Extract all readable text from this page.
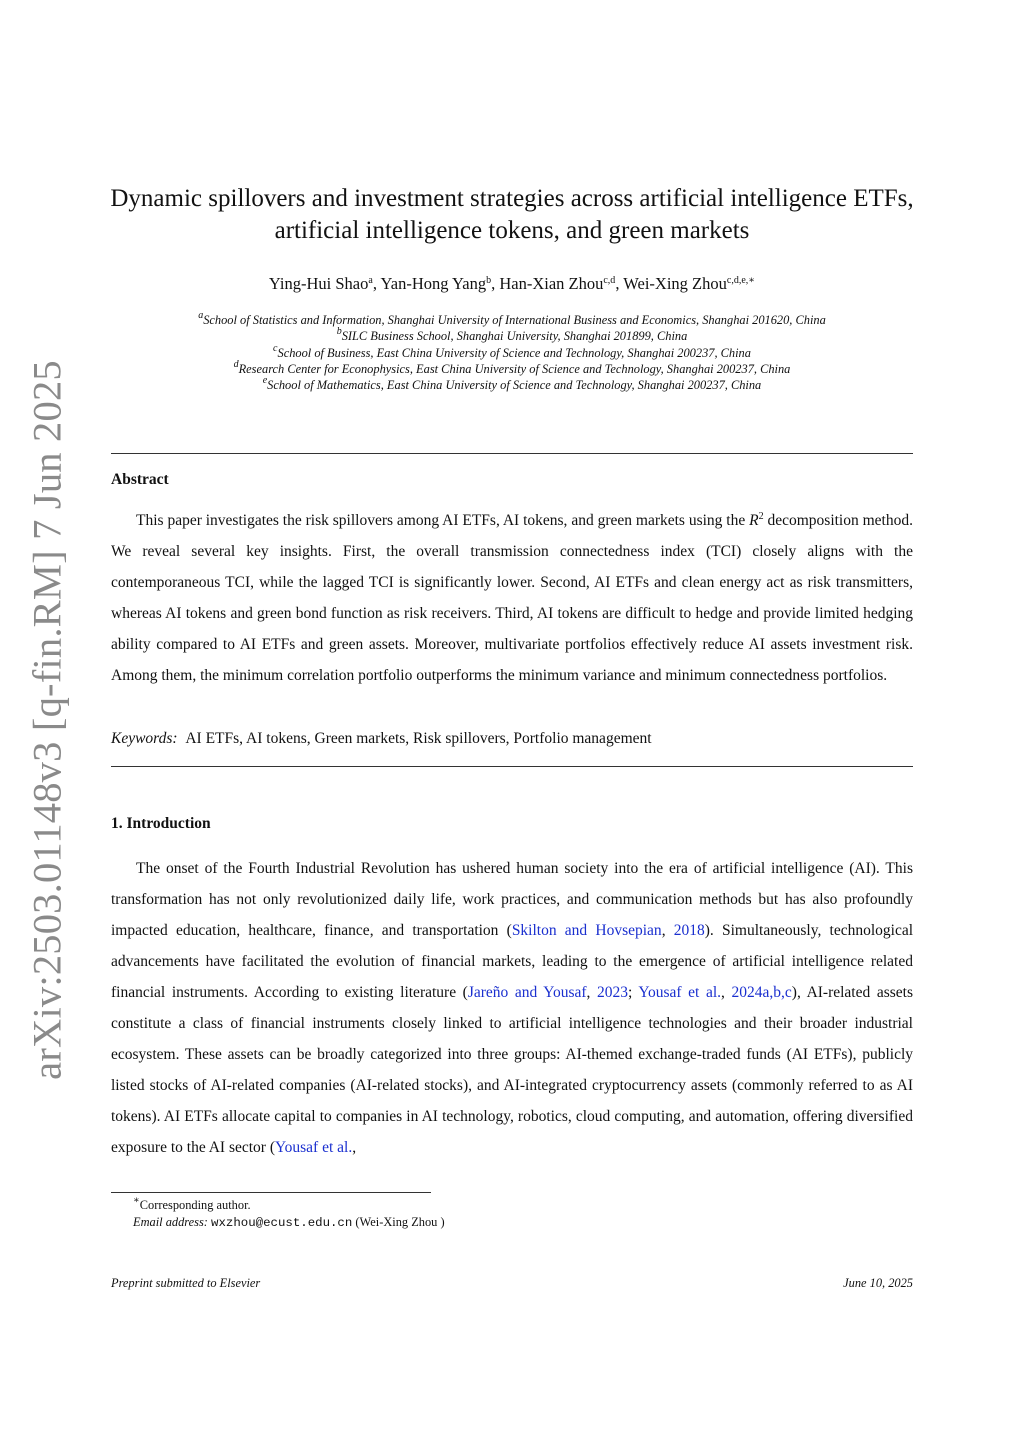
arXiv:2503.01148v3 [q-fin.RM] 7 Jun 2025
Dynamic spillovers and investment strategies across artificial intelligence ETFs,
artificial intelligence tokens, and green markets
Ying-Hui Shao$^a$, Yan-Hong Yang$^b$, Han-Xian Zhou$^{c,d}$, Wei-Xing Zhou$^{c,d,e,∗}$
$^a$School of Statistics and Information, Shanghai University of International Business and Economics, Shanghai 201620, China
$^b$SILC Business School, Shanghai University, Shanghai 201899, China
$^c$School of Business, East China University of Science and Technology, Shanghai 200237, China
$^d$Research Center for Econophysics, East China University of Science and Technology, Shanghai 200237, China
$^e$School of Mathematics, East China University of Science and Technology, Shanghai 200237, China
Abstract
This paper investigates the risk spillovers among AI ETFs, AI tokens, and green markets using the $R^2$ decomposition method. We reveal several key insights. First, the overall transmission connectedness index (TCI) closely aligns with the contemporaneous TCI, while the lagged TCI is significantly lower. Second, AI ETFs and clean energy act as risk transmitters, whereas AI tokens and green bond function as risk receivers. Third, AI tokens are difficult to hedge and provide limited hedging ability compared to AI ETFs and green assets. Moreover, multivariate portfolios effectively reduce AI assets investment risk. Among them, the minimum correlation portfolio outperforms the minimum variance and minimum connectedness portfolios.
Keywords: AI ETFs, AI tokens, Green markets, Risk spillovers, Portfolio management
1. Introduction
The onset of the Fourth Industrial Revolution has ushered human society into the era of artificial intelligence (AI). This transformation has not only revolutionized daily life, work practices, and communication methods but has also profoundly impacted education, healthcare, finance, and transportation (Skilton and Hovsepian, 2018). Simultaneously, technological advancements have facilitated the evolution of financial markets, leading to the emergence of artificial intelligence related financial instruments. According to existing literature (Jareño and Yousaf, 2023; Yousaf et al., 2024a,b,c), AI-related assets constitute a class of financial instruments closely linked to artificial intelligence technologies and their broader industrial ecosystem. These assets can be broadly categorized into three groups: AI-themed exchange-traded funds (AI ETFs), publicly listed stocks of AI-related companies (AI-related stocks), and AI-integrated cryptocurrency assets (commonly referred to as AI tokens). AI ETFs allocate capital to companies in AI technology, robotics, cloud computing, and automation, offering diversified exposure to the AI sector (Yousaf et al.,
∗Corresponding author.
Email address: wxzhou@ecust.edu.cn (Wei-Xing Zhou )
Preprint submitted to Elsevier	June 10, 2025
